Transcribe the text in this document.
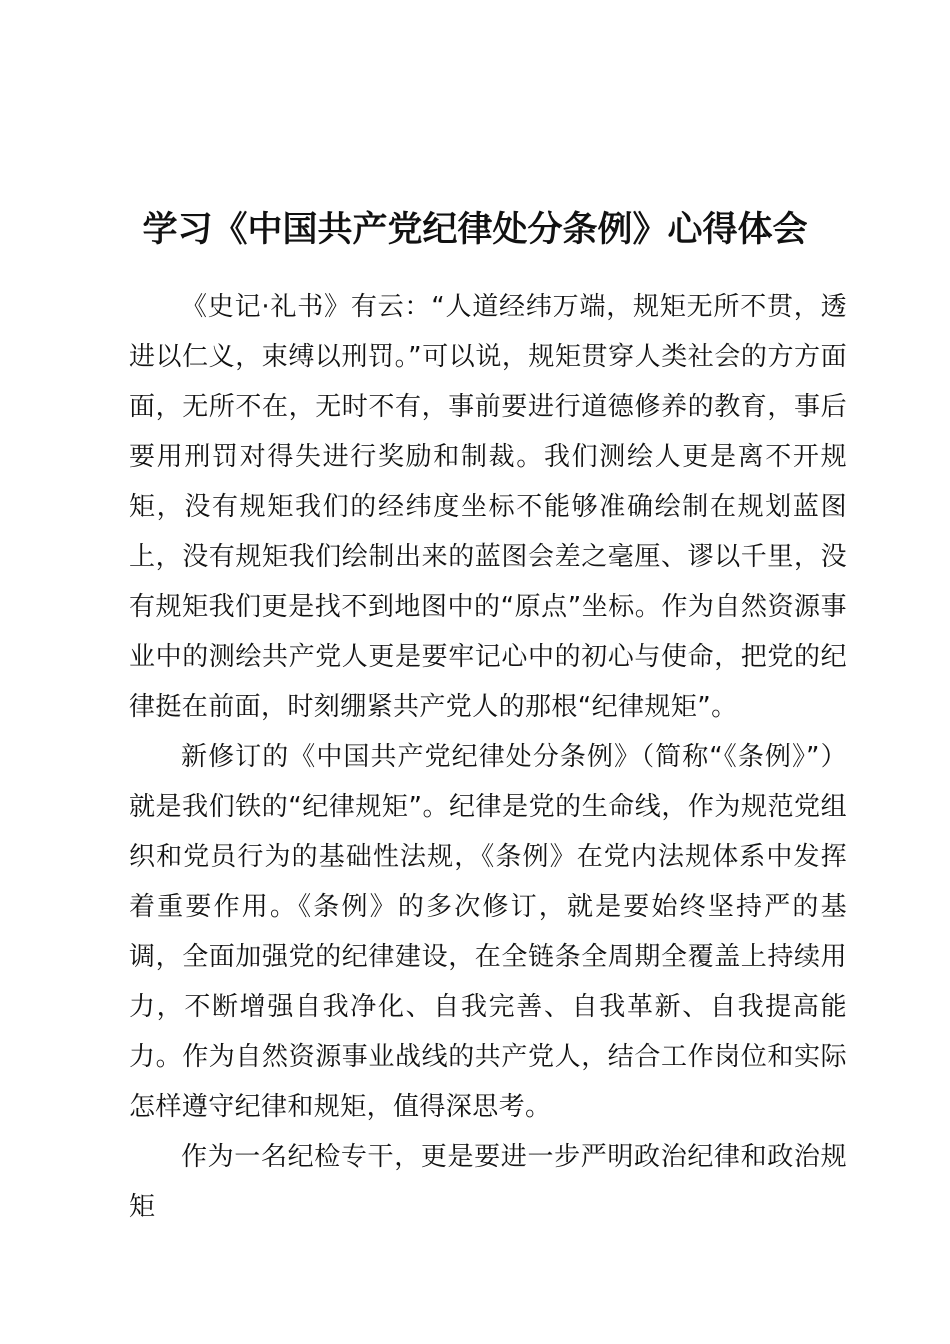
学习《中国共产党纪律处分条例》心得体会

《史记·礼书》有云：“人道经纬万端，规矩无所不贯，透进以仁义，束缚以刑罚。”可以说，规矩贯穿人类社会的方方面面，无所不在，无时不有，事前要进行道德修养的教育，事后要用刑罚对得失进行奖励和制裁。我们测绘人更是离不开规矩，没有规矩我们的经纬度坐标不能够准确绘制在规划蓝图上，没有规矩我们绘制出来的蓝图会差之毫厘、谬以千里，没有规矩我们更是找不到地图中的“原点”坐标。作为自然资源事业中的测绘共产党人更是要牢记心中的初心与使命，把党的纪律挺在前面，时刻绷紧共产党人的那根“纪律规矩”。

新修订的《中国共产党纪律处分条例》（简称“《条例》”）就是我们铁的“纪律规矩”。纪律是党的生命线，作为规范党组织和党员行为的基础性法规，《条例》在党内法规体系中发挥着重要作用。《条例》的多次修订，就是要始终坚持严的基调，全面加强党的纪律建设，在全链条全周期全覆盖上持续用力，不断增强自我净化、自我完善、自我革新、自我提高能力。作为自然资源事业战线的共产党人，结合工作岗位和实际怎样遵守纪律和规矩，值得深思考。

作为一名纪检专干，更是要进一步严明政治纪律和政治规矩
